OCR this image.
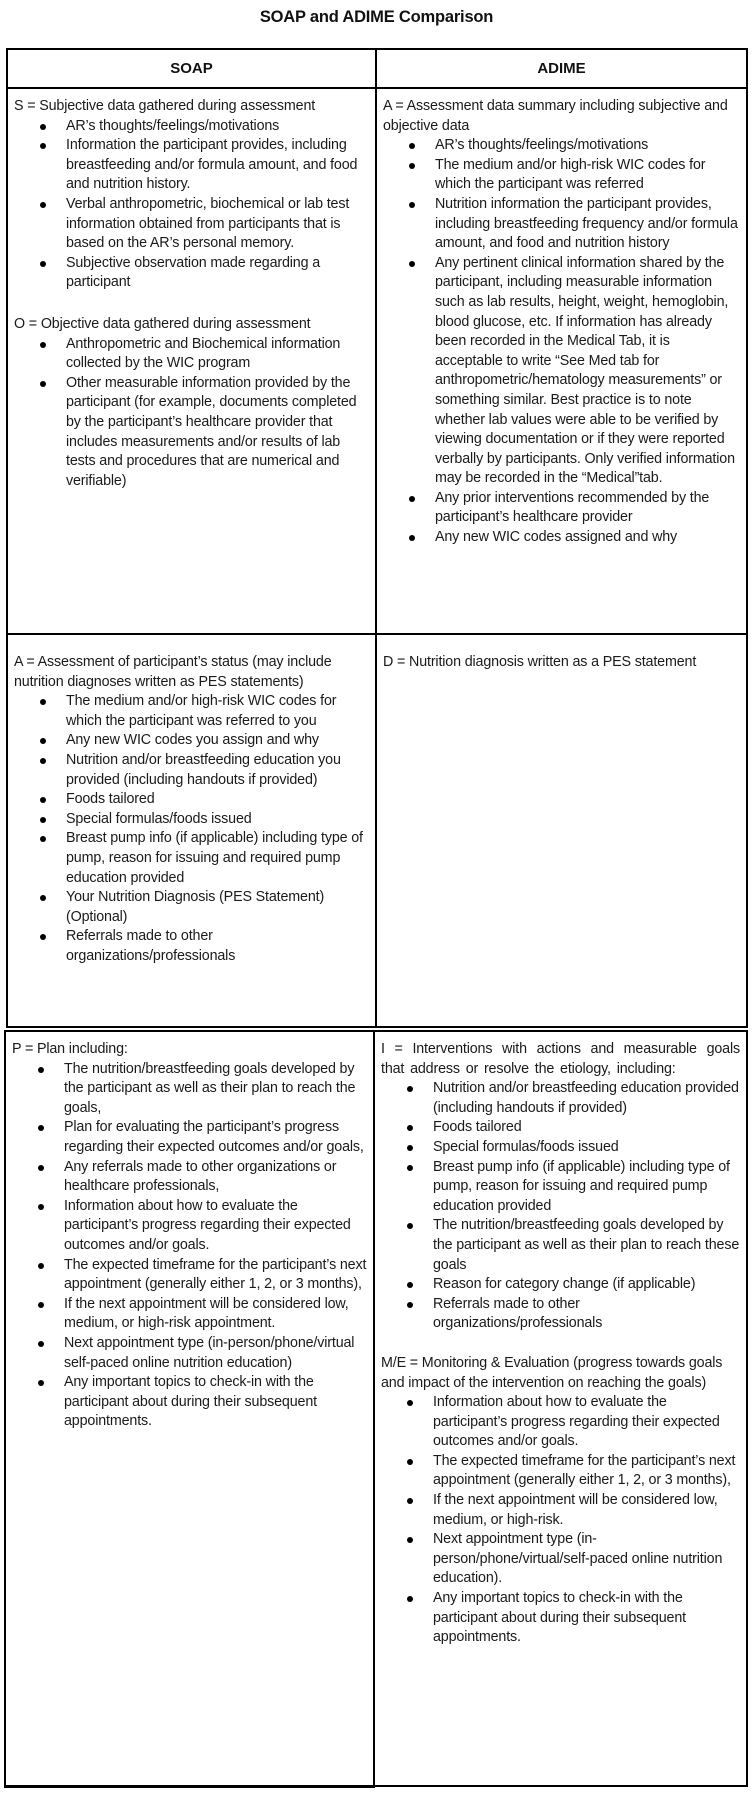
SOAP and ADIME Comparison
SOAP	ADIME

S = Subjective data gathered during assessment

AR’s thoughts/feelings/motivations
Information the participant provides, including breastfeeding and/or formula amount, and food and nutrition history.
Verbal anthropometric, biochemical or lab test information obtained from participants that is based on the AR’s personal memory.
Subjective observation made regarding a participant

O = Objective data gathered during assessment

Anthropometric and Biochemical information collected by the WIC program
Other measurable information provided by the participant (for example, documents completed by the participant’s healthcare provider that includes measurements and/or results of lab tests and procedures that are numerical and verifiable)

A = Assessment data summary including subjective and objective data

AR’s thoughts/feelings/motivations
The medium and/or high-risk WIC codes for which the participant was referred
Nutrition information the participant provides, including breastfeeding frequency and/or formula amount, and food and nutrition history
Any pertinent clinical information shared by the participant, including measurable information such as lab results, height, weight, hemoglobin, blood glucose, etc. If information has already been recorded in the Medical Tab, it is acceptable to write “See Med tab for anthropometric/hematology measurements” or something similar. Best practice is to note whether lab values were able to be verified by viewing documentation or if they were reported verbally by participants. Only verified information may be recorded in the “Medical”tab.
Any prior interventions recommended by the participant’s healthcare provider
Any new WIC codes assigned and why

A = Assessment of participant’s status (may include nutrition diagnoses written as PES statements)

The medium and/or high-risk WIC codes for which the participant was referred to you
Any new WIC codes you assign and why
Nutrition and/or breastfeeding education you provided (including handouts if provided)
Foods tailored
Special formulas/foods issued
Breast pump info (if applicable) including type of pump, reason for issuing and required pump education provided
Your Nutrition Diagnosis (PES Statement) (Optional)
Referrals made to other organizations/professionals

D = Nutrition diagnosis written as a PES statement

P = Plan including:

The nutrition/breastfeeding goals developed by the participant as well as their plan to reach the goals,
Plan for evaluating the participant’s progress regarding their expected outcomes and/or goals,
Any referrals made to other organizations or healthcare professionals,
Information about how to evaluate the participant’s progress regarding their expected outcomes and/or goals.
The expected timeframe for the participant’s next appointment (generally either 1, 2, or 3 months),
If the next appointment will be considered low, medium, or high-risk appointment.
Next appointment type (in-person/phone/virtual self-paced online nutrition education)
Any important topics to check-in with the participant about during their subsequent appointments.

I = Interventions with actions and measurable goals that address or resolve the etiology, including:

Nutrition and/or breastfeeding education provided (including handouts if provided)
Foods tailored
Special formulas/foods issued
Breast pump info (if applicable) including type of pump, reason for issuing and required pump education provided
The nutrition/breastfeeding goals developed by the participant as well as their plan to reach these goals
Reason for category change (if applicable)
Referrals made to other organizations/professionals

M/E = Monitoring & Evaluation (progress towards goals and impact of the intervention on reaching the goals)

Information about how to evaluate the participant’s progress regarding their expected outcomes and/or goals.
The expected timeframe for the participant’s next appointment (generally either 1, 2, or 3 months),
If the next appointment will be considered low, medium, or high-risk.
Next appointment type (in-person/phone/virtual/self-paced online nutrition education).
Any important topics to check-in with the participant about during their subsequent appointments.
